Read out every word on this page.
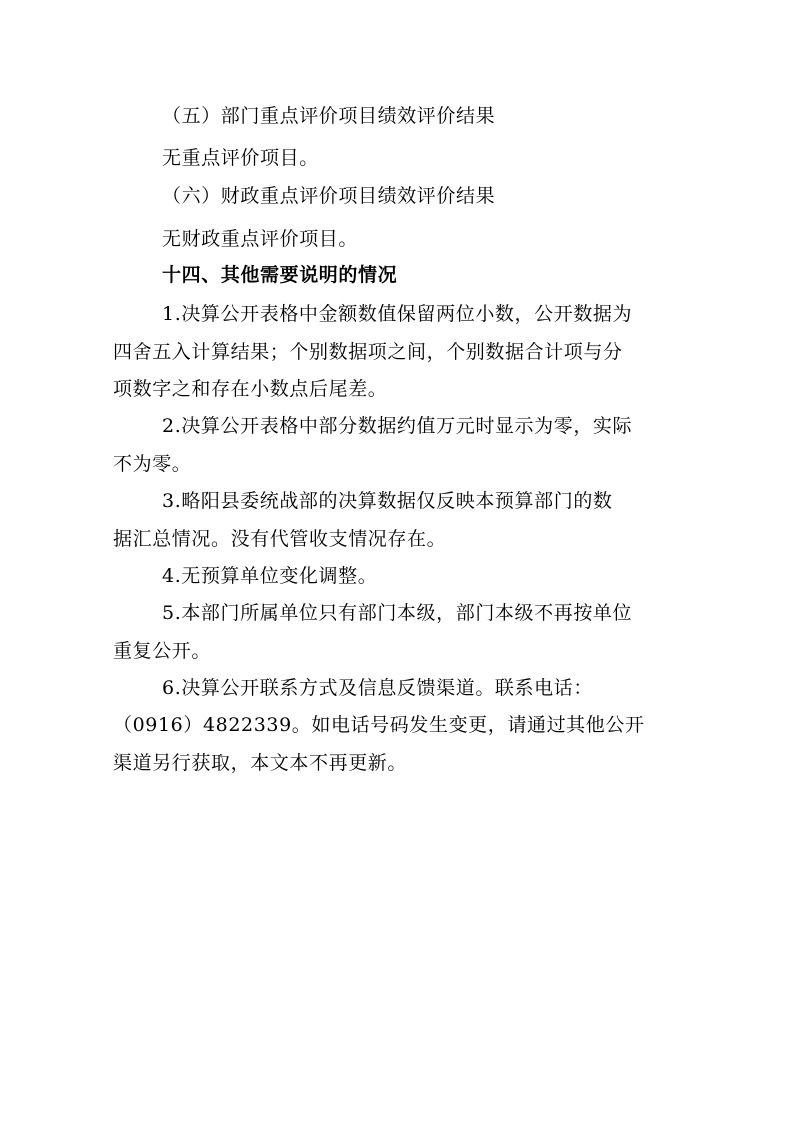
（五）部门重点评价项目绩效评价结果
无重点评价项目。
（六）财政重点评价项目绩效评价结果
无财政重点评价项目。
十四、其他需要说明的情况
1.决算公开表格中金额数值保留两位小数，公开数据为
四舍五入计算结果；个别数据项之间，个别数据合计项与分
项数字之和存在小数点后尾差。
2.决算公开表格中部分数据约值万元时显示为零，实际
不为零。
3.略阳县委统战部的决算数据仅反映本预算部门的数
据汇总情况。没有代管收支情况存在。
4.无预算单位变化调整。
5.本部门所属单位只有部门本级，部门本级不再按单位
重复公开。
6.决算公开联系方式及信息反馈渠道。联系电话：
（0916）4822339。如电话号码发生变更，请通过其他公开
渠道另行获取，本文本不再更新。
